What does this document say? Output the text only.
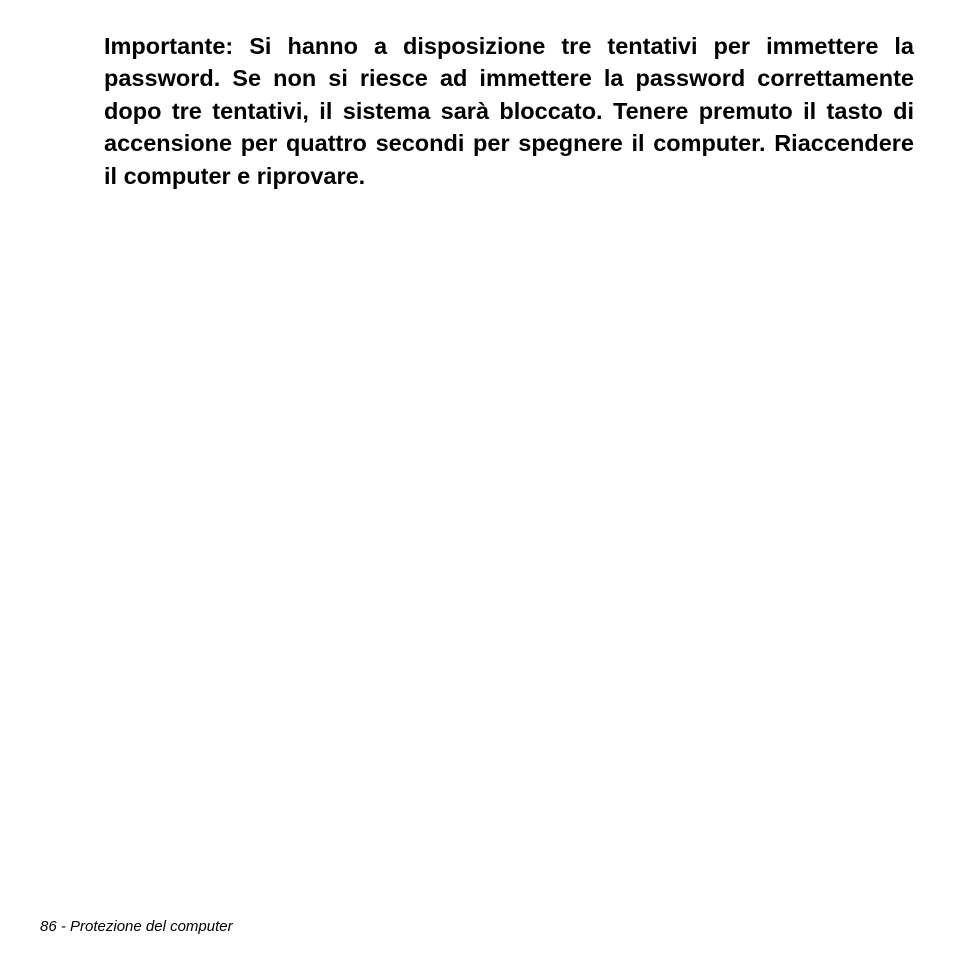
Importante: Si hanno a disposizione tre tentativi per immettere la password. Se non si riesce ad immettere la password correttamente dopo tre tentativi, il sistema sarà bloccato. Tenere premuto il tasto di accensione per quattro secondi per spegnere il computer. Riaccendere il computer e riprovare.

86 - Protezione del computer
